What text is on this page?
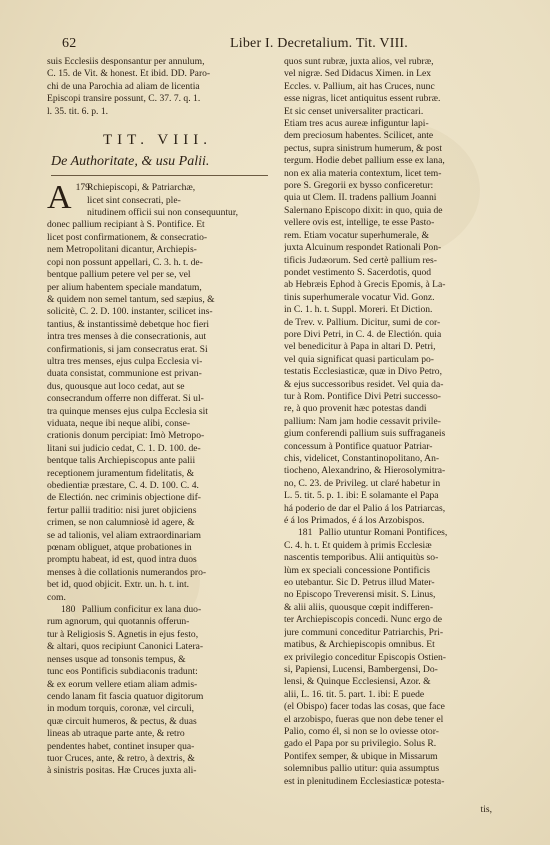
62	Liber I. Decretalium. Tit. VIII.
suis Ecclesiis desponsantur per annulum,
C. 15. de Vit. & honest. Et ibid. DD. Paro-
chi de una Parochia ad aliam de licentia
Episcopi transire possunt, C. 37. 7. q. 1.
l. 35. tit. 6. p. 1.
TIT. VIII.
De Authoritate, & usu Palii.
179
A	Rchiepiscopi, & Patriarchæ,
licet sint consecrati, ple-
nitudinem officii sui non consequuntur,
donec pallium recipiant à S. Pontifice. Et
licet post confirmationem, & consecratio-
nem Metropolitani dicantur, Archiepis-
copi non possunt appellari, C. 3. h. t. de-
bentque pallium petere vel per se, vel
per alium habentem speciale mandatum,
& quidem non semel tantum, sed sæpius, &
solicitè, C. 2. D. 100. instanter, scilicet ins-
tantius, & instantissimè debetque hoc fieri
intra tres menses à die consecrationis, aut
confirmationis, si jam consecratus erat. Si
ultra tres menses, ejus culpa Ecclesia vi-
duata consistat, communione est privan-
dus, quousque aut loco cedat, aut se
consecrandum offerre non differat. Si ul-
tra quinque menses ejus culpa Ecclesia sit
viduata, neque ibi neque alibi, conse-
crationis donum percipiat: Imò Metropo-
litani sui judicio cedat, C. 1. D. 100. de-
bentque talis Archiepiscopus ante palii
receptionem juramentum fidelitatis, &
obedientiæ præstare, C. 4. D. 100. C. 4.
de Electión. nec criminis objectione dif-
fertur pallii traditio: nisi juret objiciens
crimen, se non calumniosè id agere, &
se ad talionis, vel aliam extraordinariam
pœnam obliguet, atque probationes in
promptu habeat, id est, quod intra duos
menses à die collationis numerandos pro-
bet id, quod objicit. Extr. un. h. t. int.
com.
180 Pallium conficitur ex lana duo-
rum agnorum, qui quotannis offerun-
tur à Religiosis S. Agnetis in ejus festo,
& altari, quos recipiunt Canonici Latera-
nenses usque ad tonsonis tempus, &
tunc eos Pontificis subdiaconis tradunt:
& ex eorum vellere etiam aliam admis-
cendo lanam fit fascia quatuor digitorum
in modum torquis, coronæ, vel circuli,
quæ circuit humeros, & pectus, & duas
lineas ab utraque parte ante, & retro
pendentes habet, continet insuper qua-
tuor Cruces, ante, & retro, à dextris, &
à sinistris positas. Hæ Cruces juxta ali-
quos sunt rubræ, juxta alios, vel rubræ,
vel nigræ. Sed Didacus Ximen. in Lex
Eccles. v. Pallium, ait has Cruces, nunc
esse nigras, licet antiquitus essent rubræ.
Et sic censet universaliter practicari.
Etiam tres acus aureæ infiguntur lapi-
dem preciosum habentes. Scilicet, ante
pectus, supra sinistrum humerum, & post
tergum. Hodie debet pallium esse ex lana,
non ex alia materia contextum, licet tem-
pore S. Gregorii ex bysso conficeretur:
quia ut Clem. II. tradens pallium Joanni
Salernano Episcopo dixit: in quo, quia de
vellere ovis est, intellige, te esse Pasto-
rem. Etiam vocatur superhumerale, &
juxta Alcuinum respondet Rationali Pon-
tificis Judæorum. Sed certè pallium res-
pondet vestimento S. Sacerdotis, quod
ab Hebræis Ephod à Grecis Epomis, à La-
tinis superhumerale vocatur Vid. Gonz.
in C. 1. h. t. Suppl. Moreri. Et Diction.
de Trev. v. Pallium. Dicitur, sumi de cor-
pore Divi Petri, in C. 4. de Electión. quia
vel benedicitur à Papa in altari D. Petri,
vel quia significat quasi particulam po-
testatis Ecclesiasticæ, quæ in Divo Petro,
& ejus successoribus residet. Vel quia da-
tur à Rom. Pontifice Divi Petri successo-
re, à quo provenit hæc potestas dandi
pallium: Nam jam hodie cessavit privile-
gium conferendi pallium suis suffraganeis
concessum à Pontifice quatuor Patriar-
chis, videlicet, Constantinopolitano, An-
tiocheno, Alexandrino, & Hierosolymitra-
no, C. 23. de Privileg. ut claré habetur in
L. 5. tit. 5. p. 1. ibi: E solamante el Papa
há poderio de dar el Palio á los Patriarcas,
é á los Primados, é á los Arzobispos.
181 Pallio utuntur Romani Pontifices,
C. 4. h. t. Et quidem à primis Ecclesiæ
nascentis temporibus. Alii antiquitùs so-
lùm ex speciali concessione Pontificis
eo utebantur. Sic D. Petrus illud Mater-
no Episcopo Treverensi misit. S. Linus,
& alii aliis, quousque cœpit indifferen-
ter Archiepiscopis concedi. Nunc ergo de
jure communi conceditur Patriarchis, Pri-
matibus, & Archiepiscopis omnibus. Et
ex privilegio conceditur Episcopis Ostien-
si, Papiensi, Lucensi, Bambergensi, Do-
lensi, & Quinque Ecclesiensi, Azor. &
alii, L. 16. tit. 5. part. 1. ibi: E puede
(el Obispo) facer todas las cosas, que face
el arzobispo, fueras que non debe tener el
Palio, como él, si non se lo oviesse otor-
gado el Papa por su privilegio. Solus R.
Pontifex semper, & ubique in Missarum
solemnibus pallio utitur: quia assumptus
est in plenitudinem Ecclesiasticæ potesta-
tis,
